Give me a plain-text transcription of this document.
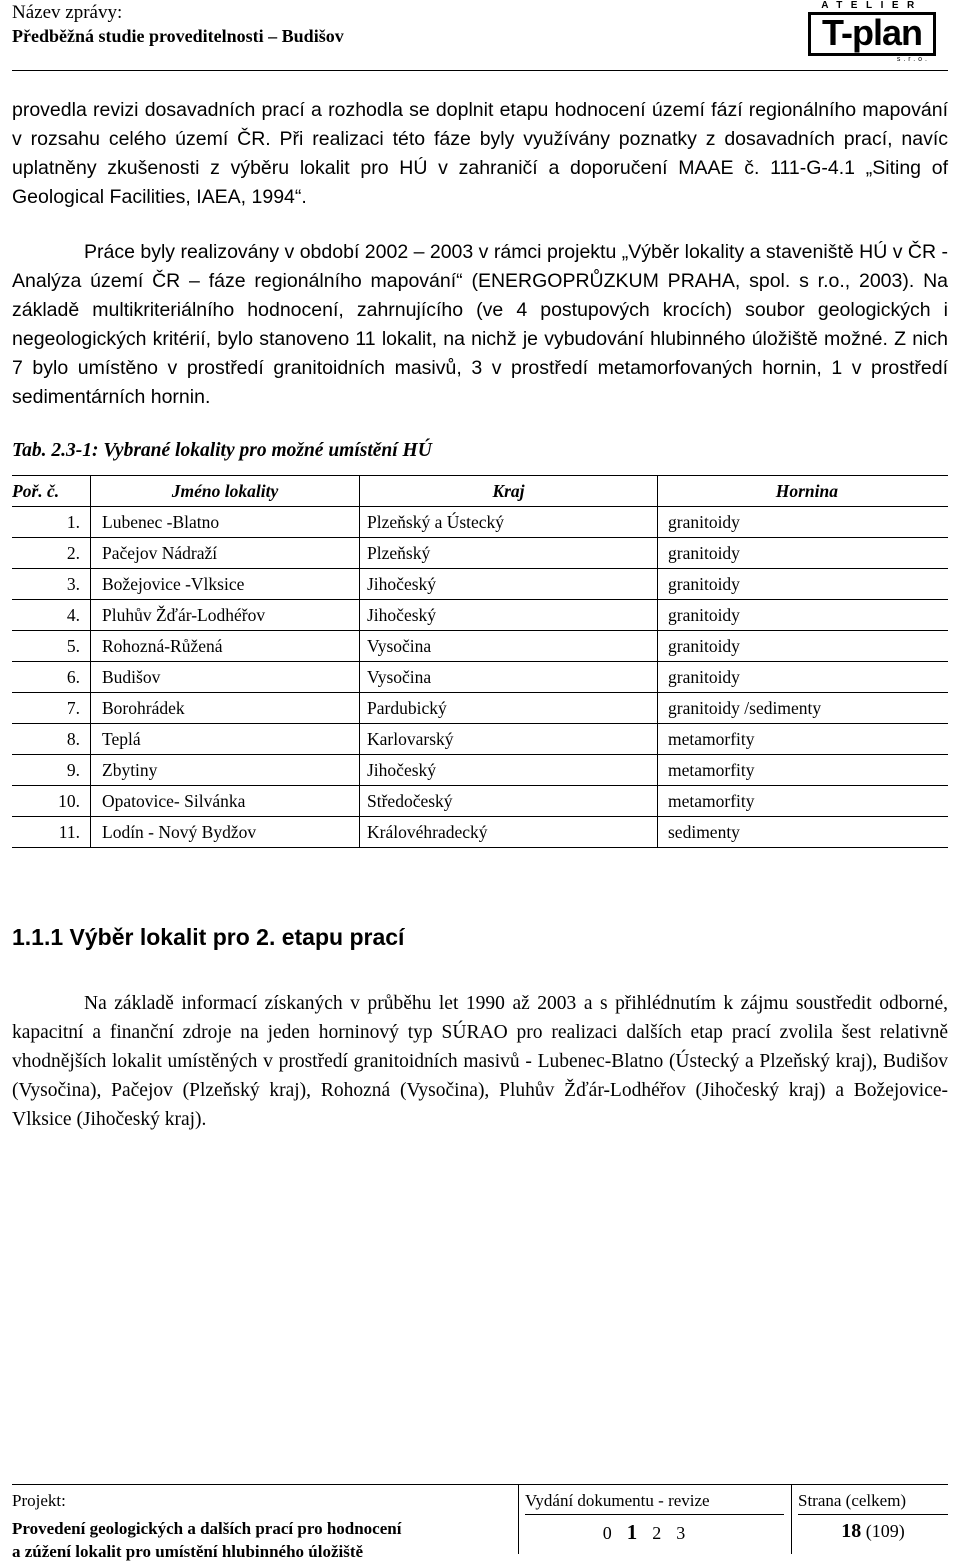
Název zprávy:
Předběžná studie proveditelnosti – Budišov
ATELIER
T-plan
s.r.o.

provedla revizi dosavadních prací a rozhodla se doplnit etapu hodnocení území fází regionálního mapování v rozsahu celého území ČR. Při realizaci této fáze byly využívány poznatky z dosavadních prací, navíc uplatněny zkušenosti z výběru lokalit pro HÚ v zahraničí a doporučení MAAE č. 111-G-4.1 „Siting of Geological Facilities, IAEA, 1994“.

Práce byly realizovány v období 2002 – 2003 v rámci projektu „Výběr lokality a staveniště HÚ v ČR - Analýza území ČR – fáze regionálního mapování“ (ENERGOPRŮZKUM PRAHA, spol. s r.o., 2003). Na základě multikriteriálního hodnocení, zahrnujícího (ve 4 postupových krocích) soubor geologických i negeologických kritérií, bylo stanoveno 11 lokalit, na nichž je vybudování hlubinného úložiště možné. Z nich 7 bylo umístěno v prostředí granitoidních masivů, 3 v prostředí metamorfovaných hornin, 1 v prostředí sedimentárních hornin.

Tab. 2.3-1: Vybrané lokality pro možné umístění HÚ
Poř. č.	Jméno lokality	Kraj	Hornina
1.	Lubenec -Blatno	Plzeňský a Ústecký	granitoidy
2.	Pačejov Nádraží	Plzeňský	granitoidy
3.	Božejovice -Vlksice	Jihočeský	granitoidy
4.	Pluhův Žďár-Lodhéřov	Jihočeský	granitoidy
5.	Rohozná-Růžená	Vysočina	granitoidy
6.	Budišov	Vysočina	granitoidy
7.	Borohrádek	Pardubický	granitoidy /sedimenty
8.	Teplá	Karlovarský	metamorfity
9.	Zbytiny	Jihočeský	metamorfity
10.	Opatovice- Silvánka	Středočeský	metamorfity
11.	Lodín - Nový Bydžov	Královéhradecký	sedimenty
1.1.1 Výběr lokalit pro 2. etapu prací

Na základě informací získaných v průběhu let 1990 až 2003 a s přihlédnutím k zájmu soustředit odborné, kapacitní a finanční zdroje na jeden horninový typ SÚRAO pro realizaci dalších etap prací zvolila šest relativně vhodnějších lokalit umístěných v prostředí granitoidních masivů - Lubenec-Blatno (Ústecký a Plzeňský kraj), Budišov (Vysočina), Pačejov (Plzeňský kraj), Rohozná (Vysočina), Pluhův Žďár-Lodhéřov (Jihočeský kraj) a Božejovice-Vlksice (Jihočeský kraj).

Projekt:
Provedení geologických a dalších prací pro hodnocení
a zúžení lokalit pro umístění hlubinného úložiště
Vydání dokumentu - revize
0 1 2 3
Strana (celkem)
18 (109)
